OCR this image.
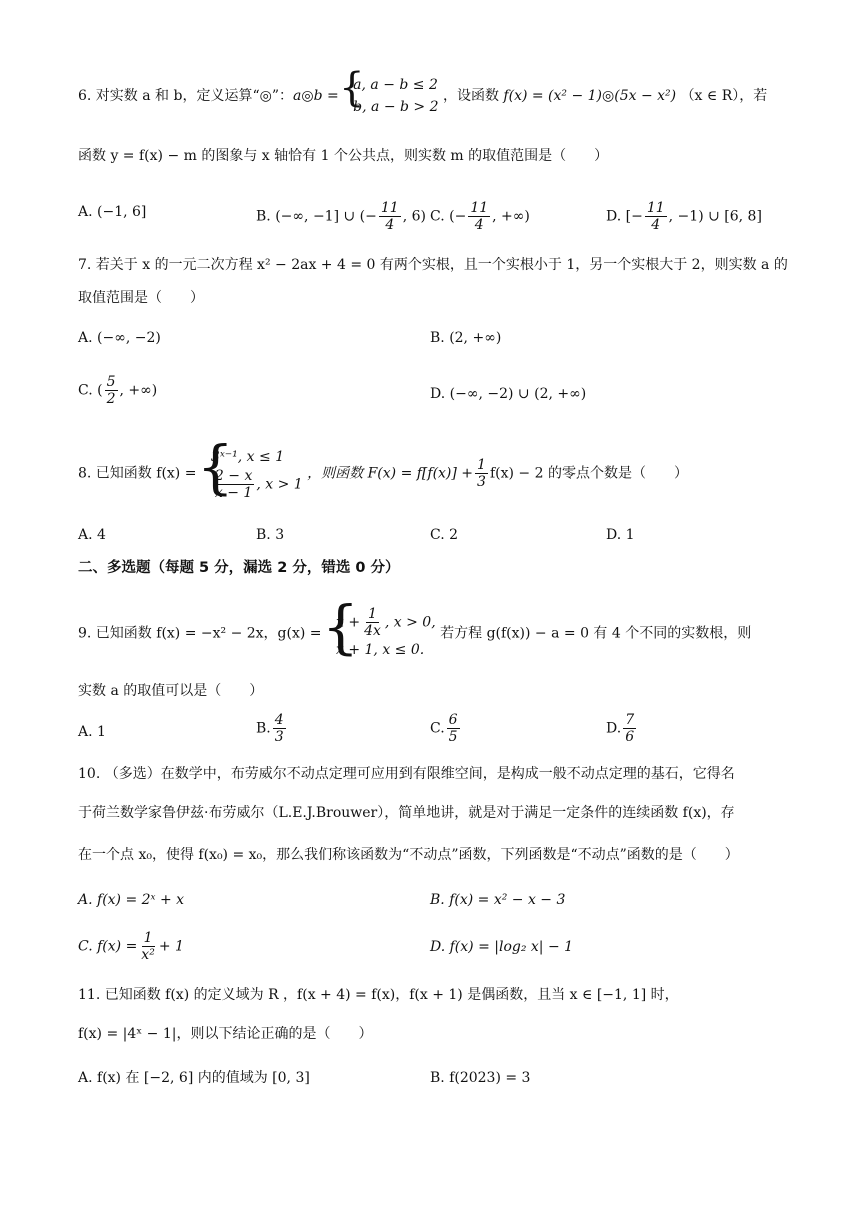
6. 对实数 a 和 b，定义运算“◎”：a◎b =
{ a, a − b ≤ 2
b, a − b > 2
，设函数 f(x) = (x² − 1)◎(5x − x²) （x ∈ R），若
函数 y = f(x) − m 的图象与 x 轴恰有 1 个公共点，则实数 m 的取值范围是（　　）
A. (−1, 6]	B. (−∞, −1] ∪ (− $\frac{11}{4}$ , 6) C. (− $\frac{11}{4}$ , +∞)	D. [− $\frac{11}{4}$ , −1) ∪ [6, 8]
7. 若关于 x 的一元二次方程 x² − 2ax + 4 = 0 有两个实根，且一个实根小于 1，另一个实根大于 2，则实数 a 的
取值范围是（　　）
A. (−∞, −2)	B. (2, +∞)
C. ( $\frac{5}{2}$ , +∞)	D. (−∞, −2) ∪ (2, +∞)
8. 已知函数 f(x) =
{ 3ˣ⁻¹, x ≤ 1
$\frac{2 - x}{x - 1}$ , x > 1
，则函数 $F(x) = f[f(x)] + \frac{1}{3} f(x) - 2$ 的零点个数是（　　）
A. 4	B. 3	C. 2	D. 1
二、多选题（每题 5 分，漏选 2 分，错选 0 分）
9. 已知函数 f(x) = −x² − 2x，g(x) =
{ $x + \frac{1}{4x}$ , x > 0,
x + 1, x ≤ 0.
若方程 g(f(x)) − a = 0 有 4 个不同的实数根，则
实数 a 的取值可以是（　　）
A. 1	B. $\frac{4}{3}$	C. $\frac{6}{5}$	D. $\frac{7}{6}$
10. （多选）在数学中，布劳威尔不动点定理可应用到有限维空间，是构成一般不动点定理的基石，它得名
于荷兰数学家鲁伊兹·布劳威尔（L.E.J.Brouwer），简单地讲，就是对于满足一定条件的连续函数 f(x)，存
在一个点 x₀，使得 f(x₀) = x₀，那么我们称该函数为“不动点”函数，下列函数是“不动点”函数的是（　　）
A. f(x) = 2ˣ + x	B. f(x) = x² − x − 3
C. $f(x) = \frac{1}{\text{x²}} + 1$	D. f(x) = |log₂ x| − 1
11. 已知函数 f(x) 的定义域为 R ，f(x + 4) = f(x)，f(x + 1) 是偶函数，且当 x ∈ [−1, 1] 时，
f(x) = |4ˣ − 1|，则以下结论正确的是（　　）
A. f(x) 在 [−2, 6] 内的值域为 [0, 3]	B. f(2023) = 3
